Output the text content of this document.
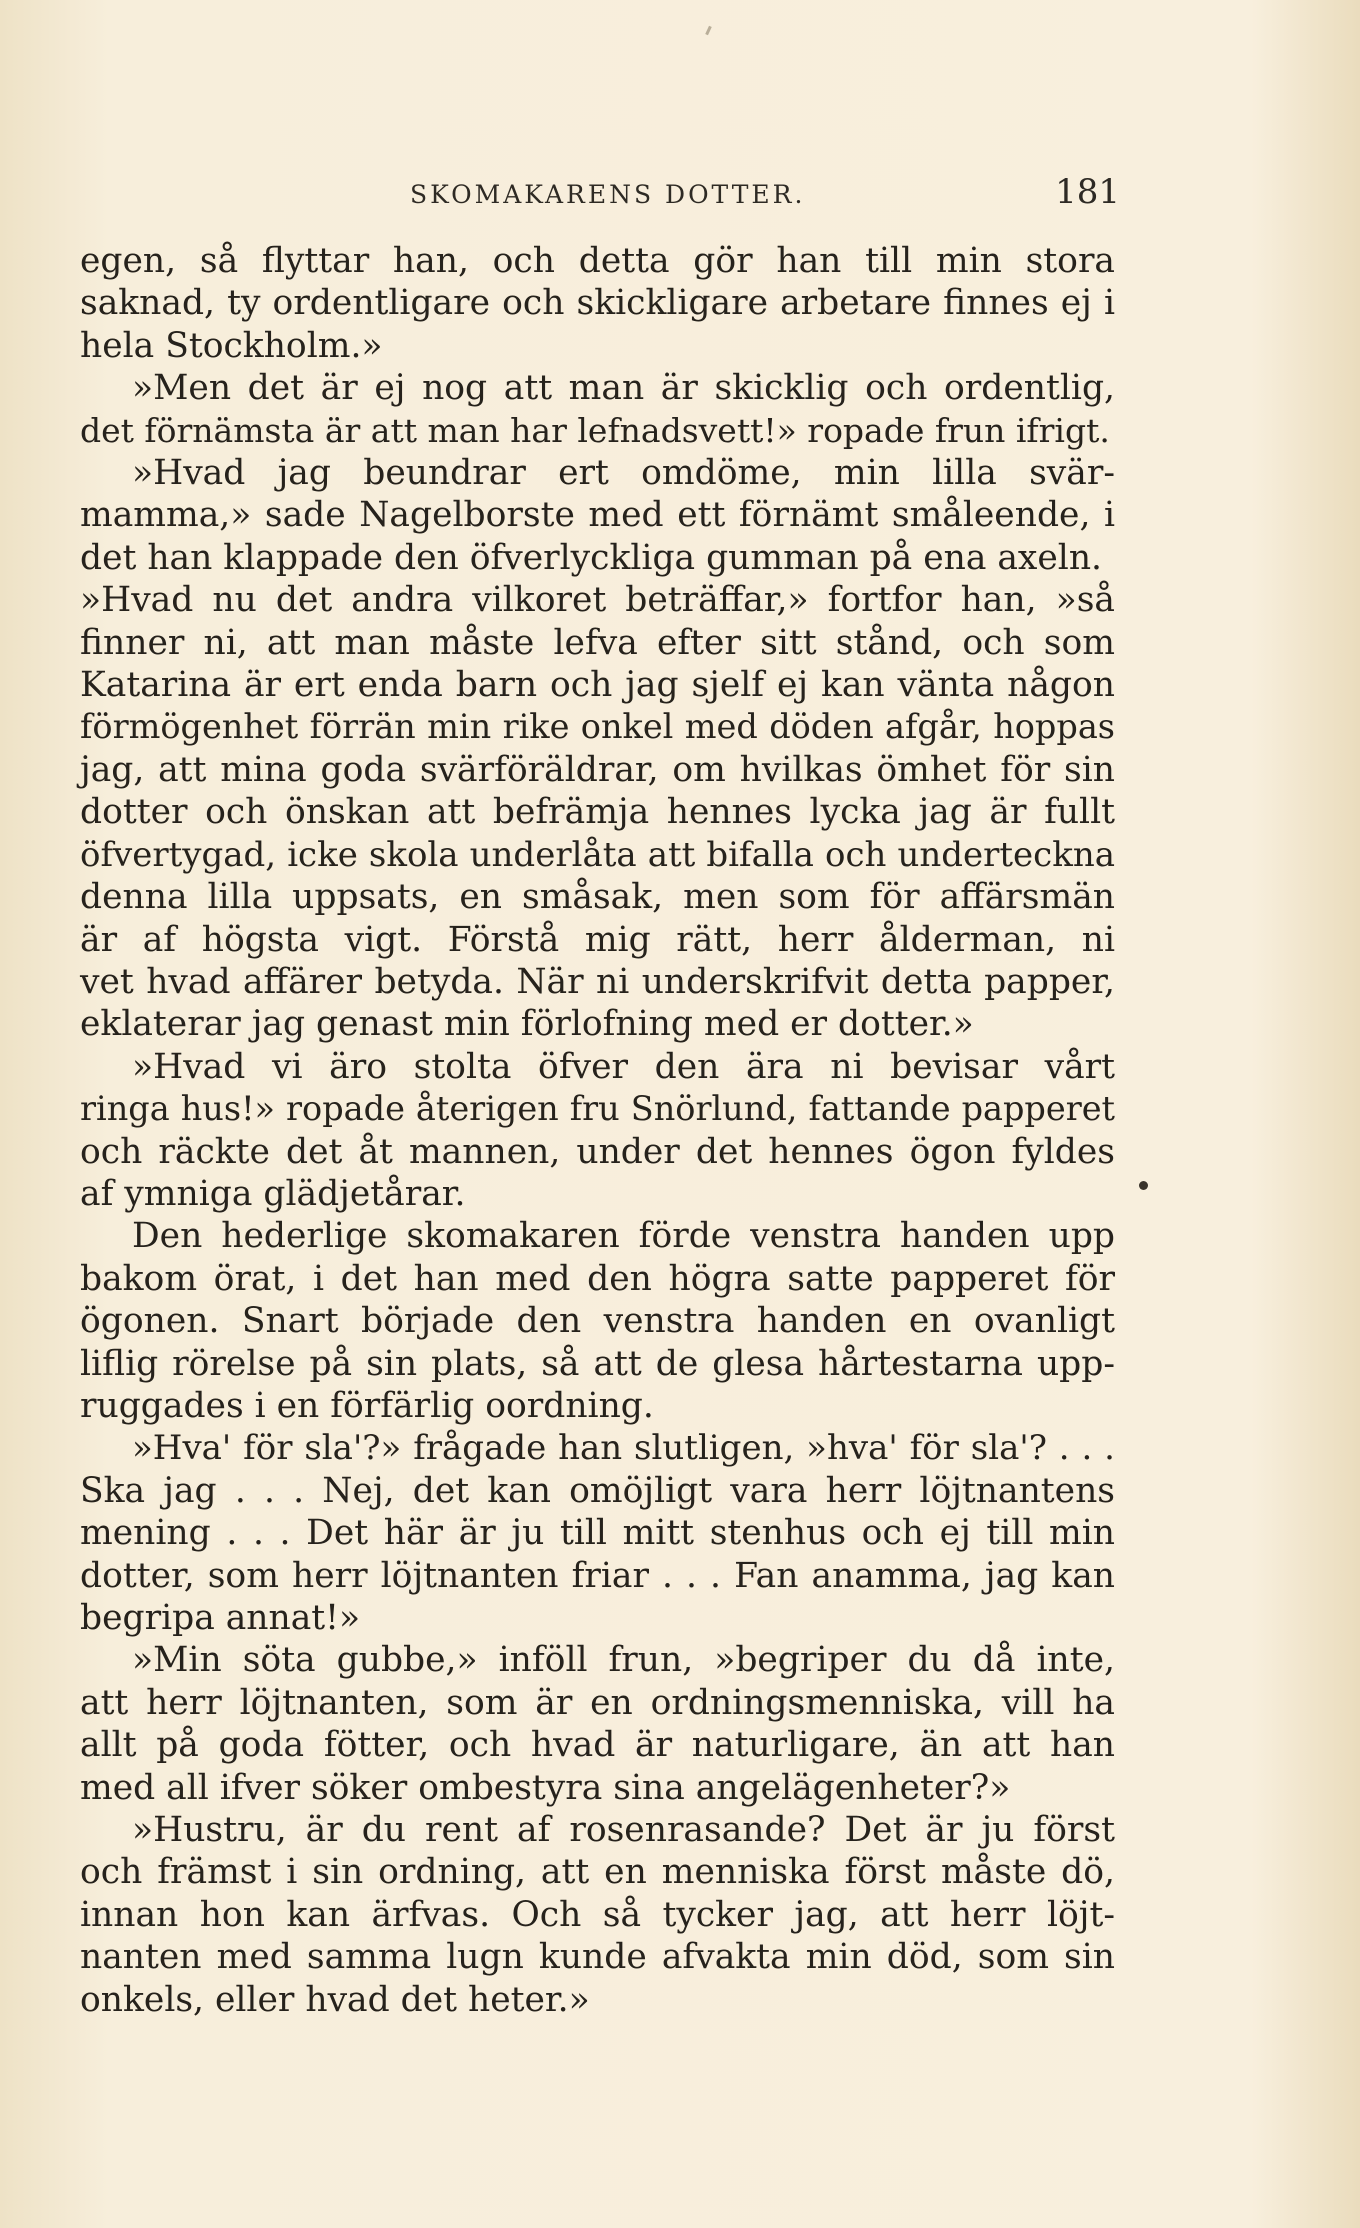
SKOMAKARENS DOTTER.	181
egen, så flyttar han, och detta gör han till min stora
saknad, ty ordentligare och skickligare arbetare finnes ej i
hela Stockholm.»
»Men det är ej nog att man är skicklig och ordentlig,
det förnämsta är att man har lefnadsvett!» ropade frun ifrigt.
»Hvad jag beundrar ert omdöme, min lilla svär-
mamma,» sade Nagelborste med ett förnämt småleende, i
det han klappade den öfverlyckliga gumman på ena axeln.
»Hvad nu det andra vilkoret beträffar,» fortfor han, »så
finner ni, att man måste lefva efter sitt stånd, och som
Katarina är ert enda barn och jag sjelf ej kan vänta någon
förmögenhet förrän min rike onkel med döden afgår, hoppas
jag, att mina goda svärföräldrar, om hvilkas ömhet för sin
dotter och önskan att befrämja hennes lycka jag är fullt
öfvertygad, icke skola underlåta att bifalla och underteckna
denna lilla uppsats, en småsak, men som för affärsmän
är af högsta vigt. Förstå mig rätt, herr ålderman, ni
vet hvad affärer betyda. När ni underskrifvit detta papper,
eklaterar jag genast min förlofning med er dotter.»
»Hvad vi äro stolta öfver den ära ni bevisar vårt
ringa hus!» ropade återigen fru Snörlund, fattande papperet
och räckte det åt mannen, under det hennes ögon fyldes
af ymniga glädjetårar.
Den hederlige skomakaren förde venstra handen upp
bakom örat, i det han med den högra satte papperet för
ögonen. Snart började den venstra handen en ovanligt
liflig rörelse på sin plats, så att de glesa hårtestarna upp-
ruggades i en förfärlig oordning.
»Hva' för sla'?» frågade han slutligen, »hva' för sla'? . . .
Ska jag . . . Nej, det kan omöjligt vara herr löjtnantens
mening . . . Det här är ju till mitt stenhus och ej till min
dotter, som herr löjtnanten friar . . . Fan anamma, jag kan
begripa annat!»
»Min söta gubbe,» inföll frun, »begriper du då inte,
att herr löjtnanten, som är en ordningsmenniska, vill ha
allt på goda fötter, och hvad är naturligare, än att han
med all ifver söker ombestyra sina angelägenheter?»
»Hustru, är du rent af rosenrasande? Det är ju först
och främst i sin ordning, att en menniska först måste dö,
innan hon kan ärfvas. Och så tycker jag, att herr löjt-
nanten med samma lugn kunde afvakta min död, som sin
onkels, eller hvad det heter.»
